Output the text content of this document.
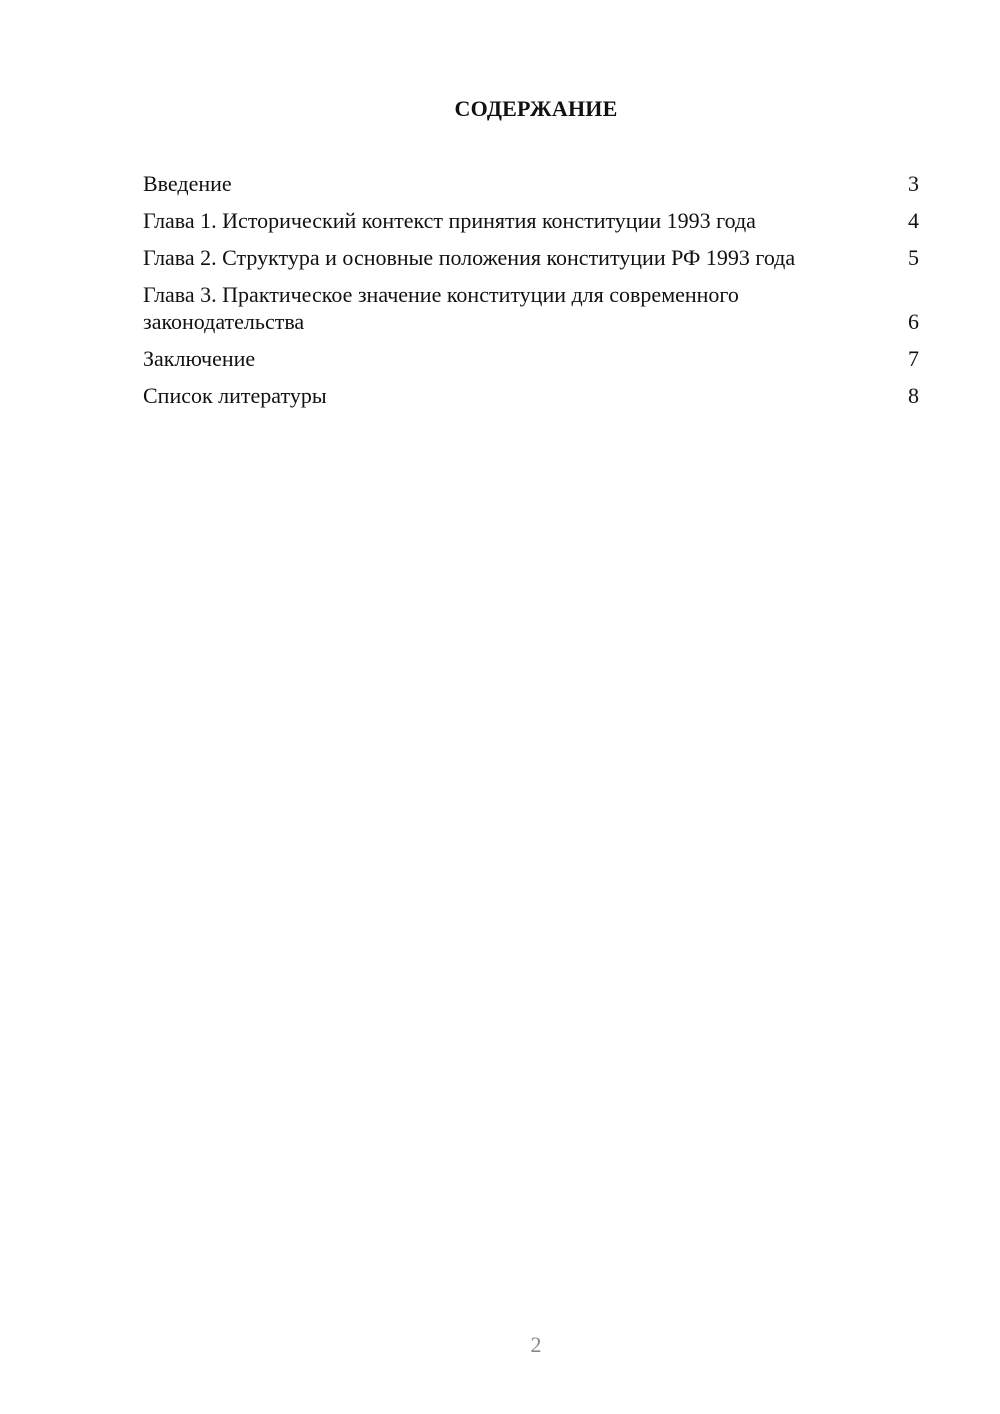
СОДЕРЖАНИЕ
Введение	3
Глава 1. Исторический контекст принятия конституции 1993 года	4
Глава 2. Структура и основные положения конституции РФ 1993 года	5
Глава 3. Практическое значение конституции для современного законодательства	6
Заключение	7
Список литературы	8
2
